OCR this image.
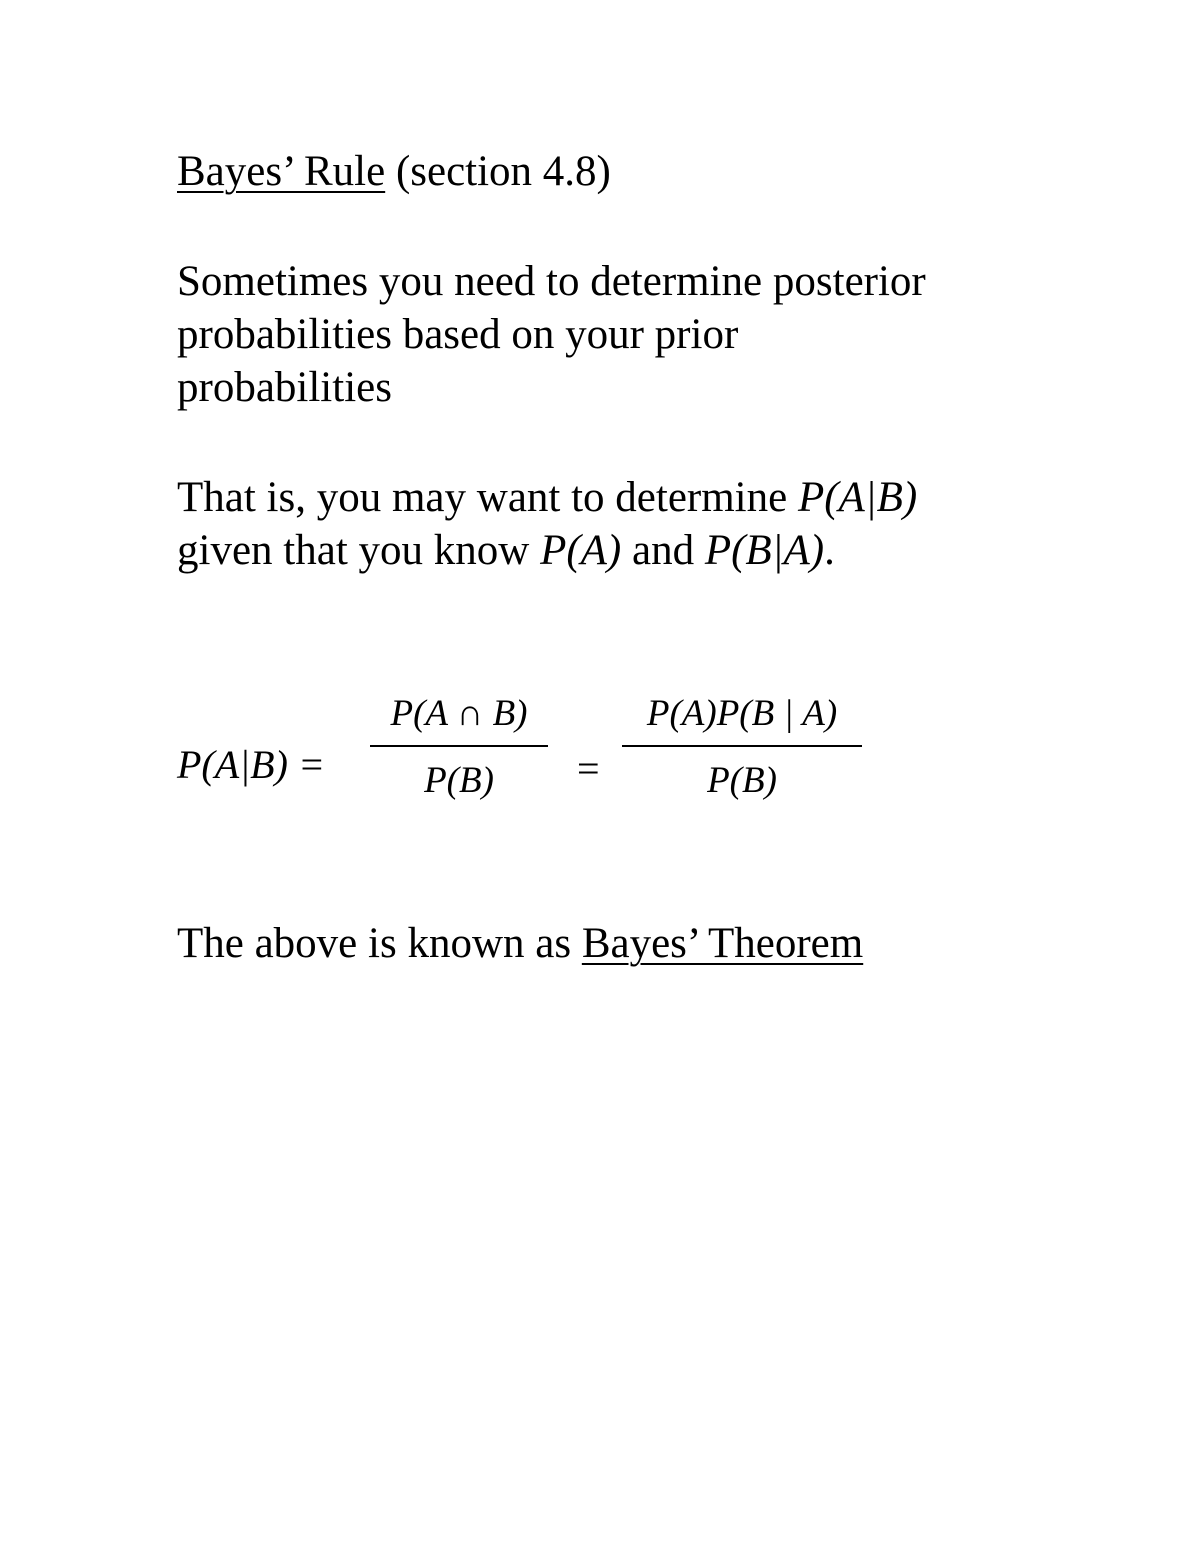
Bayes’ Rule (section 4.8)
Sometimes you need to determine posterior
probabilities based on your prior
probabilities
That is, you may want to determine P(A|B)
given that you know P(A) and P(B|A).
$P(A|B) = \frac{P(A \cap B)}{P(B)} = \frac{P(A)P(B | A)}{P(B)}$
The above is known as Bayes’ Theorem
